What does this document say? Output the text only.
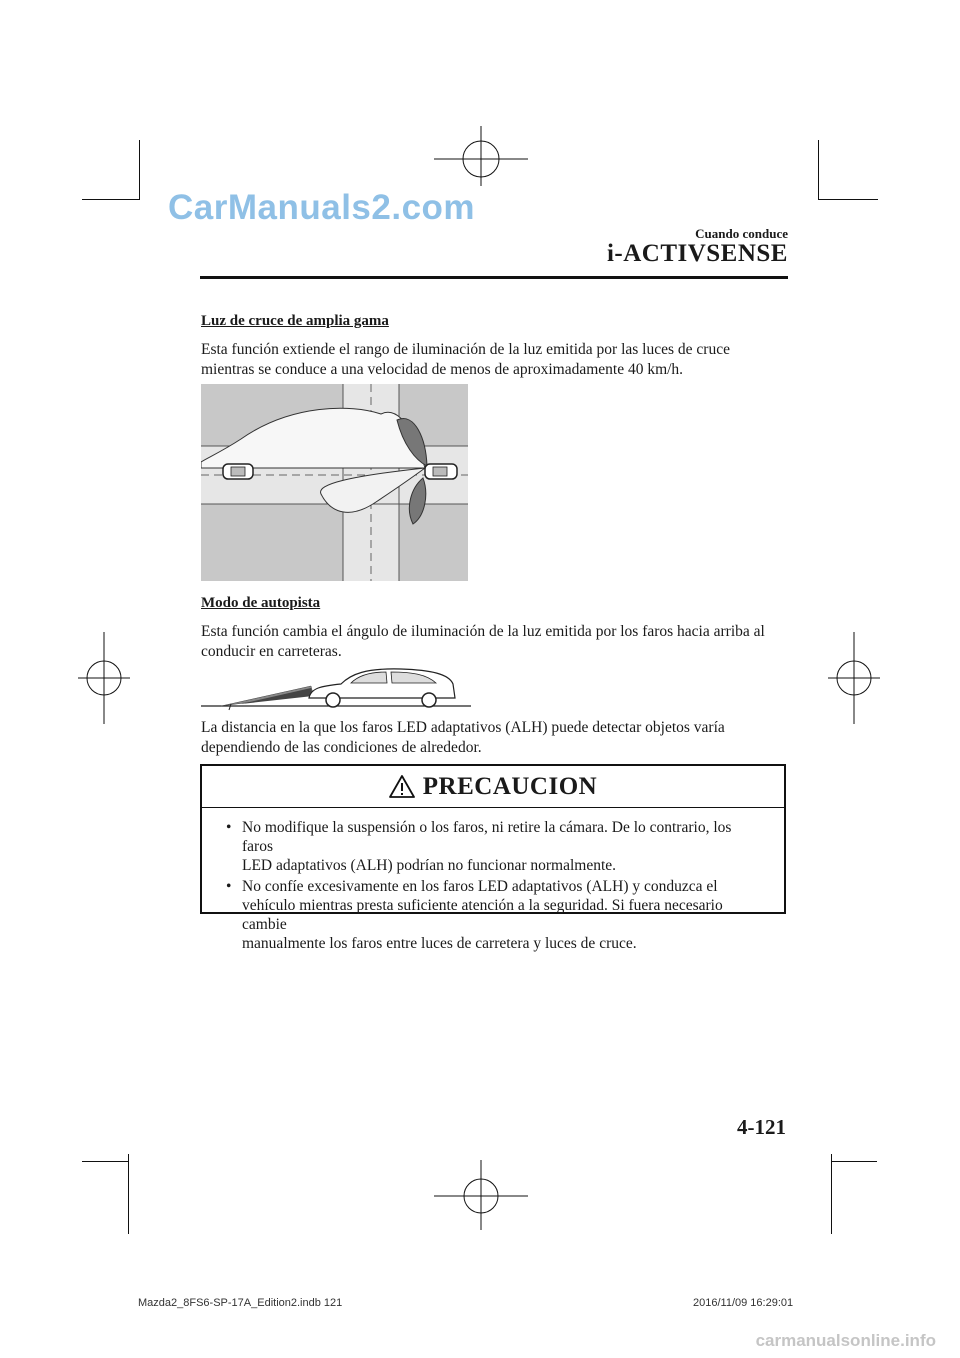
CarManuals2.com
Cuando conduce
i-ACTIVSENSE
Luz de cruce de amplia gama
Esta función extiende el rango de iluminación de la luz emitida por las luces de cruce
mientras se conduce a una velocidad de menos de aproximadamente 40 km/h.
Modo de autopista
Esta función cambia el ángulo de iluminación de la luz emitida por los faros hacia arriba al
conducir en carreteras.
La distancia en la que los faros LED adaptativos (ALH) puede detectar objetos varía
dependiendo de las condiciones de alrededor.
PRECAUCION
• No modifique la suspensión o los faros, ni retire la cámara. De lo contrario, los faros
LED adaptativos (ALH) podrían no funcionar normalmente.
• No confíe excesivamente en los faros LED adaptativos (ALH) y conduzca el
vehículo mientras presta suficiente atención a la seguridad. Si fuera necesario cambie
manualmente los faros entre luces de carretera y luces de cruce.
4-121
Mazda2_8FS6-SP-17A_Edition2.indb 121	2016/11/09 16:29:01
carmanualsonline.info
